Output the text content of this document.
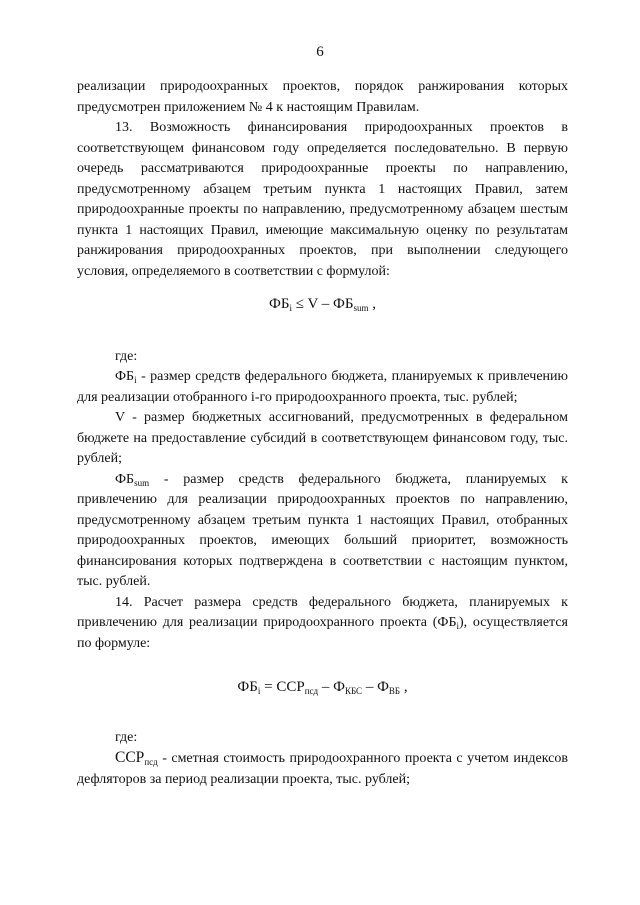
6

реализации природоохранных проектов, порядок ранжирования которых предусмотрен приложением № 4 к настоящим Правилам.

13. Возможность финансирования природоохранных проектов в соответствующем финансовом году определяется последовательно. В первую очередь рассматриваются природоохранные проекты по направлению, предусмотренному абзацем третьим пункта 1 настоящих Правил, затем природоохранные проекты по направлению, предусмотренному абзацем шестым пункта 1 настоящих Правил, имеющие максимальную оценку по результатам ранжирования природоохранных проектов, при выполнении следующего условия, определяемого в соответствии с формулой:

$ФБ_i \le V - ФБ_{sum}$ ,

где:

$ФБ_i$ - размер средств федерального бюджета, планируемых к привлечению для реализации отобранного i-го природоохранного проекта, тыс. рублей;

V - размер бюджетных ассигнований, предусмотренных в федеральном бюджете на предоставление субсидий в соответствующем финансовом году, тыс. рублей;

$ФБ_{sum}$ - размер средств федерального бюджета, планируемых к привлечению для реализации природоохранных проектов по направлению, предусмотренному абзацем третьим пункта 1 настоящих Правил, отобранных природоохранных проектов, имеющих больший приоритет, возможность финансирования которых подтверждена в соответствии с настоящим пунктом, тыс. рублей.

14. Расчет размера средств федерального бюджета, планируемых к привлечению для реализации природоохранного проекта $(ФБ_i)$, осуществляется по формуле:

$ФБ_i = ССР_{псд} - Ф_{КБС} - Ф_{ВБ}$ ,

где:

$ССР_{псд}$ - сметная стоимость природоохранного проекта с учетом индексов дефляторов за период реализации проекта, тыс. рублей;
